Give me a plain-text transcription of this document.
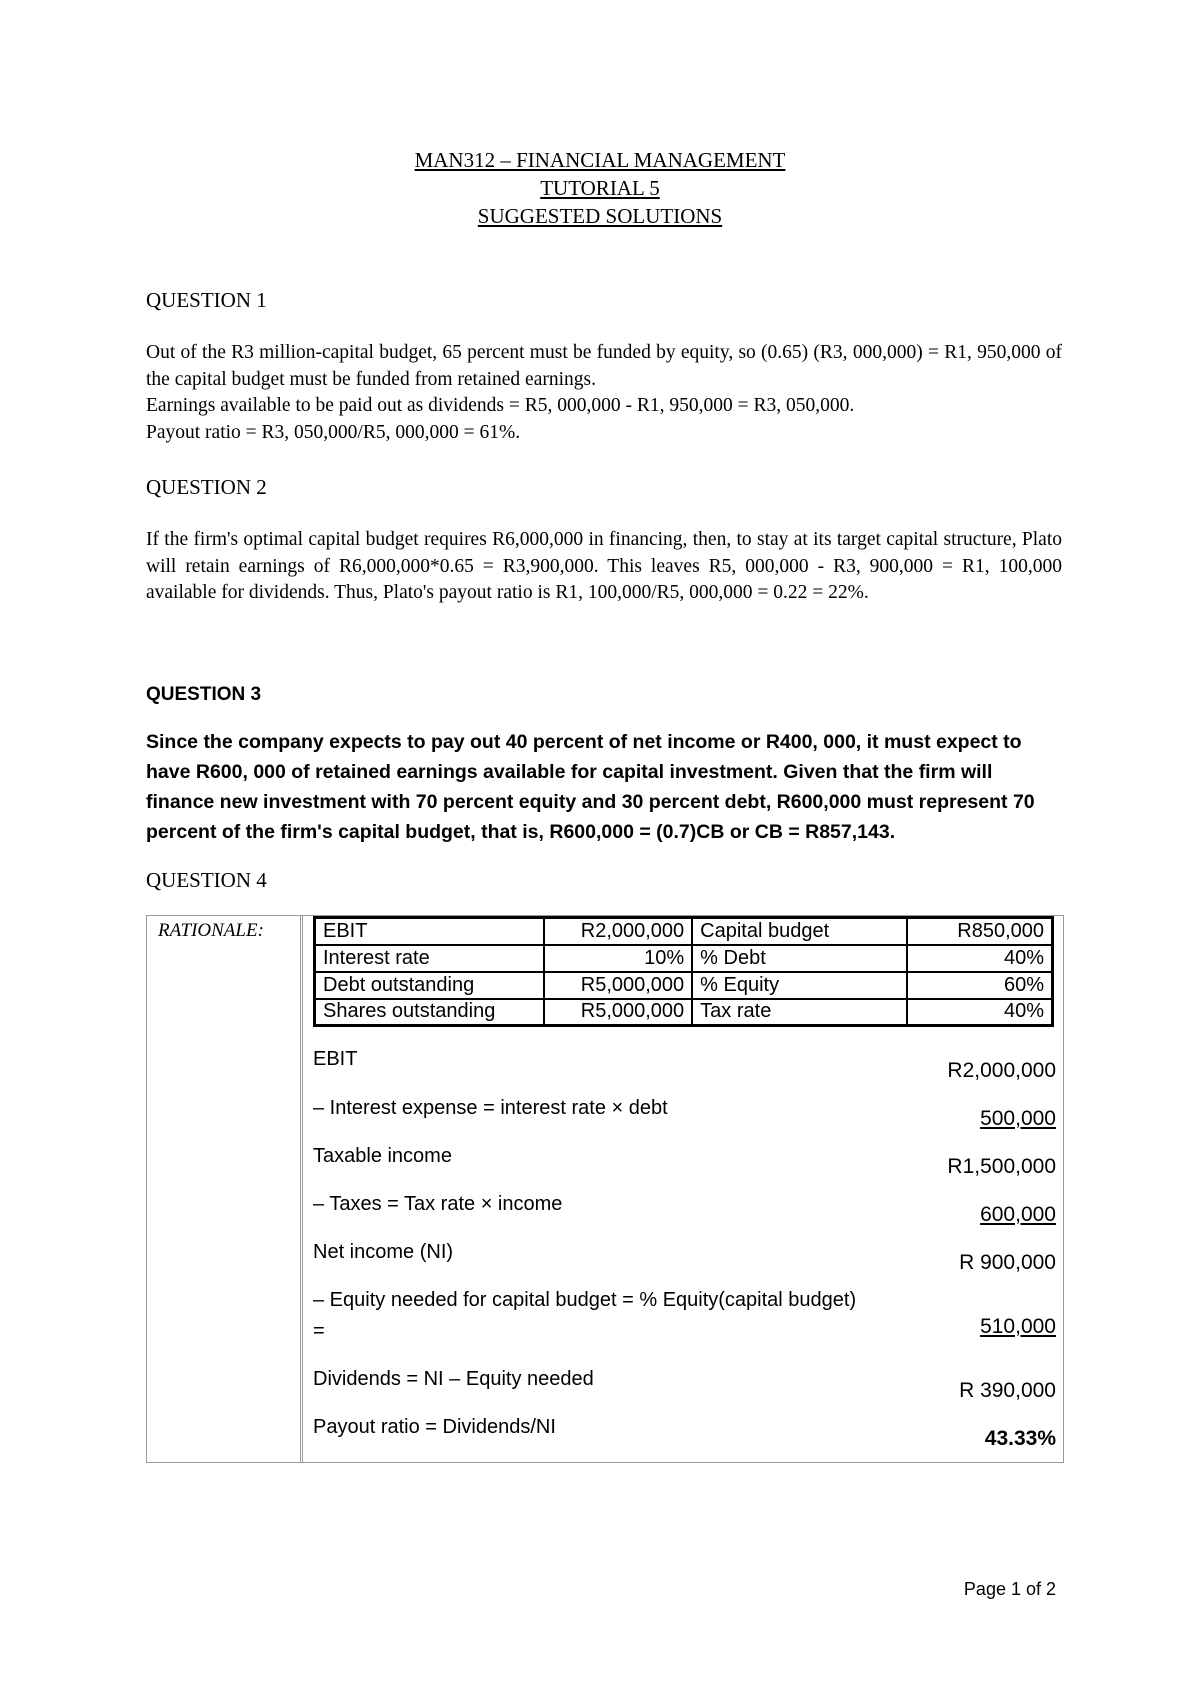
MAN312 – FINANCIAL MANAGEMENT
TUTORIAL 5
SUGGESTED SOLUTIONS
QUESTION 1

Out of the R3 million-capital budget, 65 percent must be funded by equity, so (0.65) (R3, 000,000) = R1, 950,000 of the capital budget must be funded from retained earnings.

Earnings available to be paid out as dividends = R5, 000,000 - R1, 950,000 = R3, 050,000.

Payout ratio = R3, 050,000/R5, 000,000 = 61%.

QUESTION 2
If the firm's optimal capital budget requires R6,000,000 in financing, then, to stay at its target capital structure, Plato will retain earnings of R6,000,000*0.65 = R3,900,000. This leaves R5, 000,000 - R3, 900,000 = R1, 100,000 available for dividends. Thus, Plato's payout ratio is R1, 100,000/R5, 000,000 = 0.22 = 22%.
QUESTION 3
Since the company expects to pay out 40 percent of net income or R400, 000, it must expect to have R600, 000 of retained earnings available for capital investment. Given that the firm will finance new investment with 70 percent equity and 30 percent debt, R600,000 must represent 70 percent of the firm's capital budget, that is, R600,000 = (0.7)CB or CB = R857,143.
QUESTION 4
RATIONALE:	EBIT	R2,000,000	Capital budget	R850,000
Interest rate	10%	% Debt	40%
Debt outstanding	R5,000,000	% Equity	60%
Shares outstanding	R5,000,000	Tax rate	40%
EBIT	R2,000,000
– Interest expense = interest rate × debt	500,000
Taxable income	R1,500,000
– Taxes = Tax rate × income	600,000
Net income (NI)	R 900,000
– Equity needed for capital budget = % Equity(capital budget) =	510,000
Dividends = NI – Equity needed	R 390,000
Payout ratio = Dividends/NI	43.33%
Page 1 of 2
